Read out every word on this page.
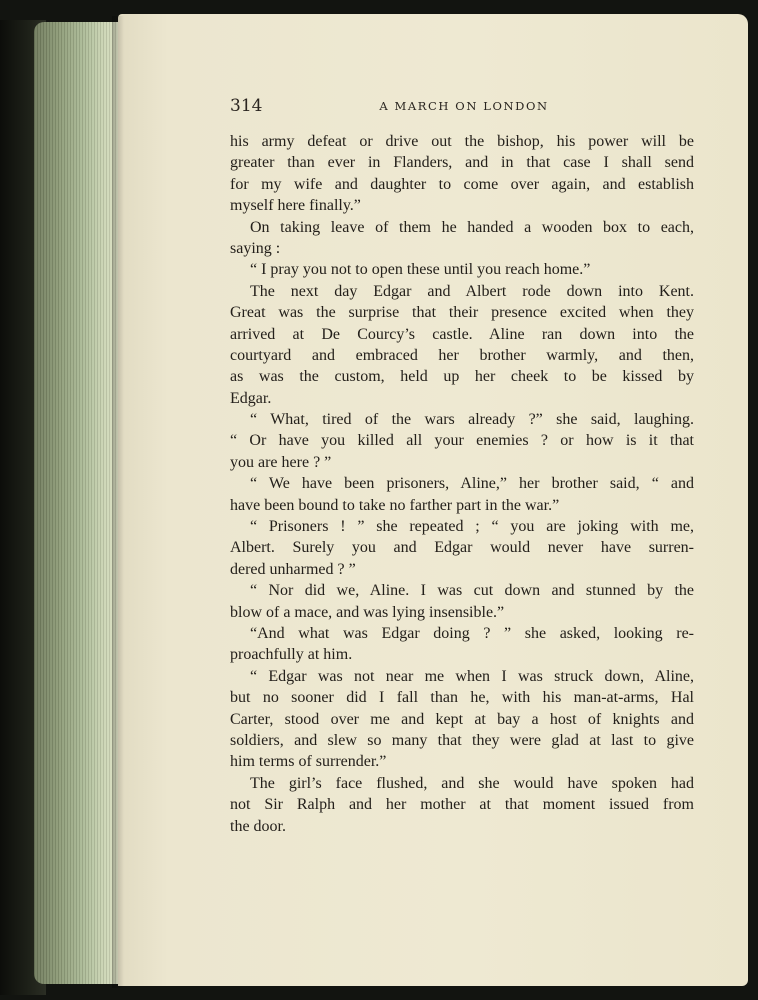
314	A MARCH ON LONDON
his army defeat or drive out the bishop, his power will be
greater than ever in Flanders, and in that case I shall send
for my wife and daughter to come over again, and establish
myself here finally.”
On taking leave of them he handed a wooden box to each,
saying :
“ I pray you not to open these until you reach home.”
The next day Edgar and Albert rode down into Kent.
Great was the surprise that their presence excited when they
arrived at De Courcy’s castle. Aline ran down into the
courtyard and embraced her brother warmly, and then,
as was the custom, held up her cheek to be kissed by
Edgar.
“ What, tired of the wars already ?” she said, laughing.
“ Or have you killed all your enemies ? or how is it that
you are here ? ”
“ We have been prisoners, Aline,” her brother said, “ and
have been bound to take no farther part in the war.”
“ Prisoners ! ” she repeated ; “ you are joking with me,
Albert. Surely you and Edgar would never have surren-
dered unharmed ? ”
“ Nor did we, Aline. I was cut down and stunned by the
blow of a mace, and was lying insensible.”
“And what was Edgar doing ? ” she asked, looking re-
proachfully at him.
“ Edgar was not near me when I was struck down, Aline,
but no sooner did I fall than he, with his man-at-arms, Hal
Carter, stood over me and kept at bay a host of knights and
soldiers, and slew so many that they were glad at last to give
him terms of surrender.”
The girl’s face flushed, and she would have spoken had
not Sir Ralph and her mother at that moment issued from
the door.
